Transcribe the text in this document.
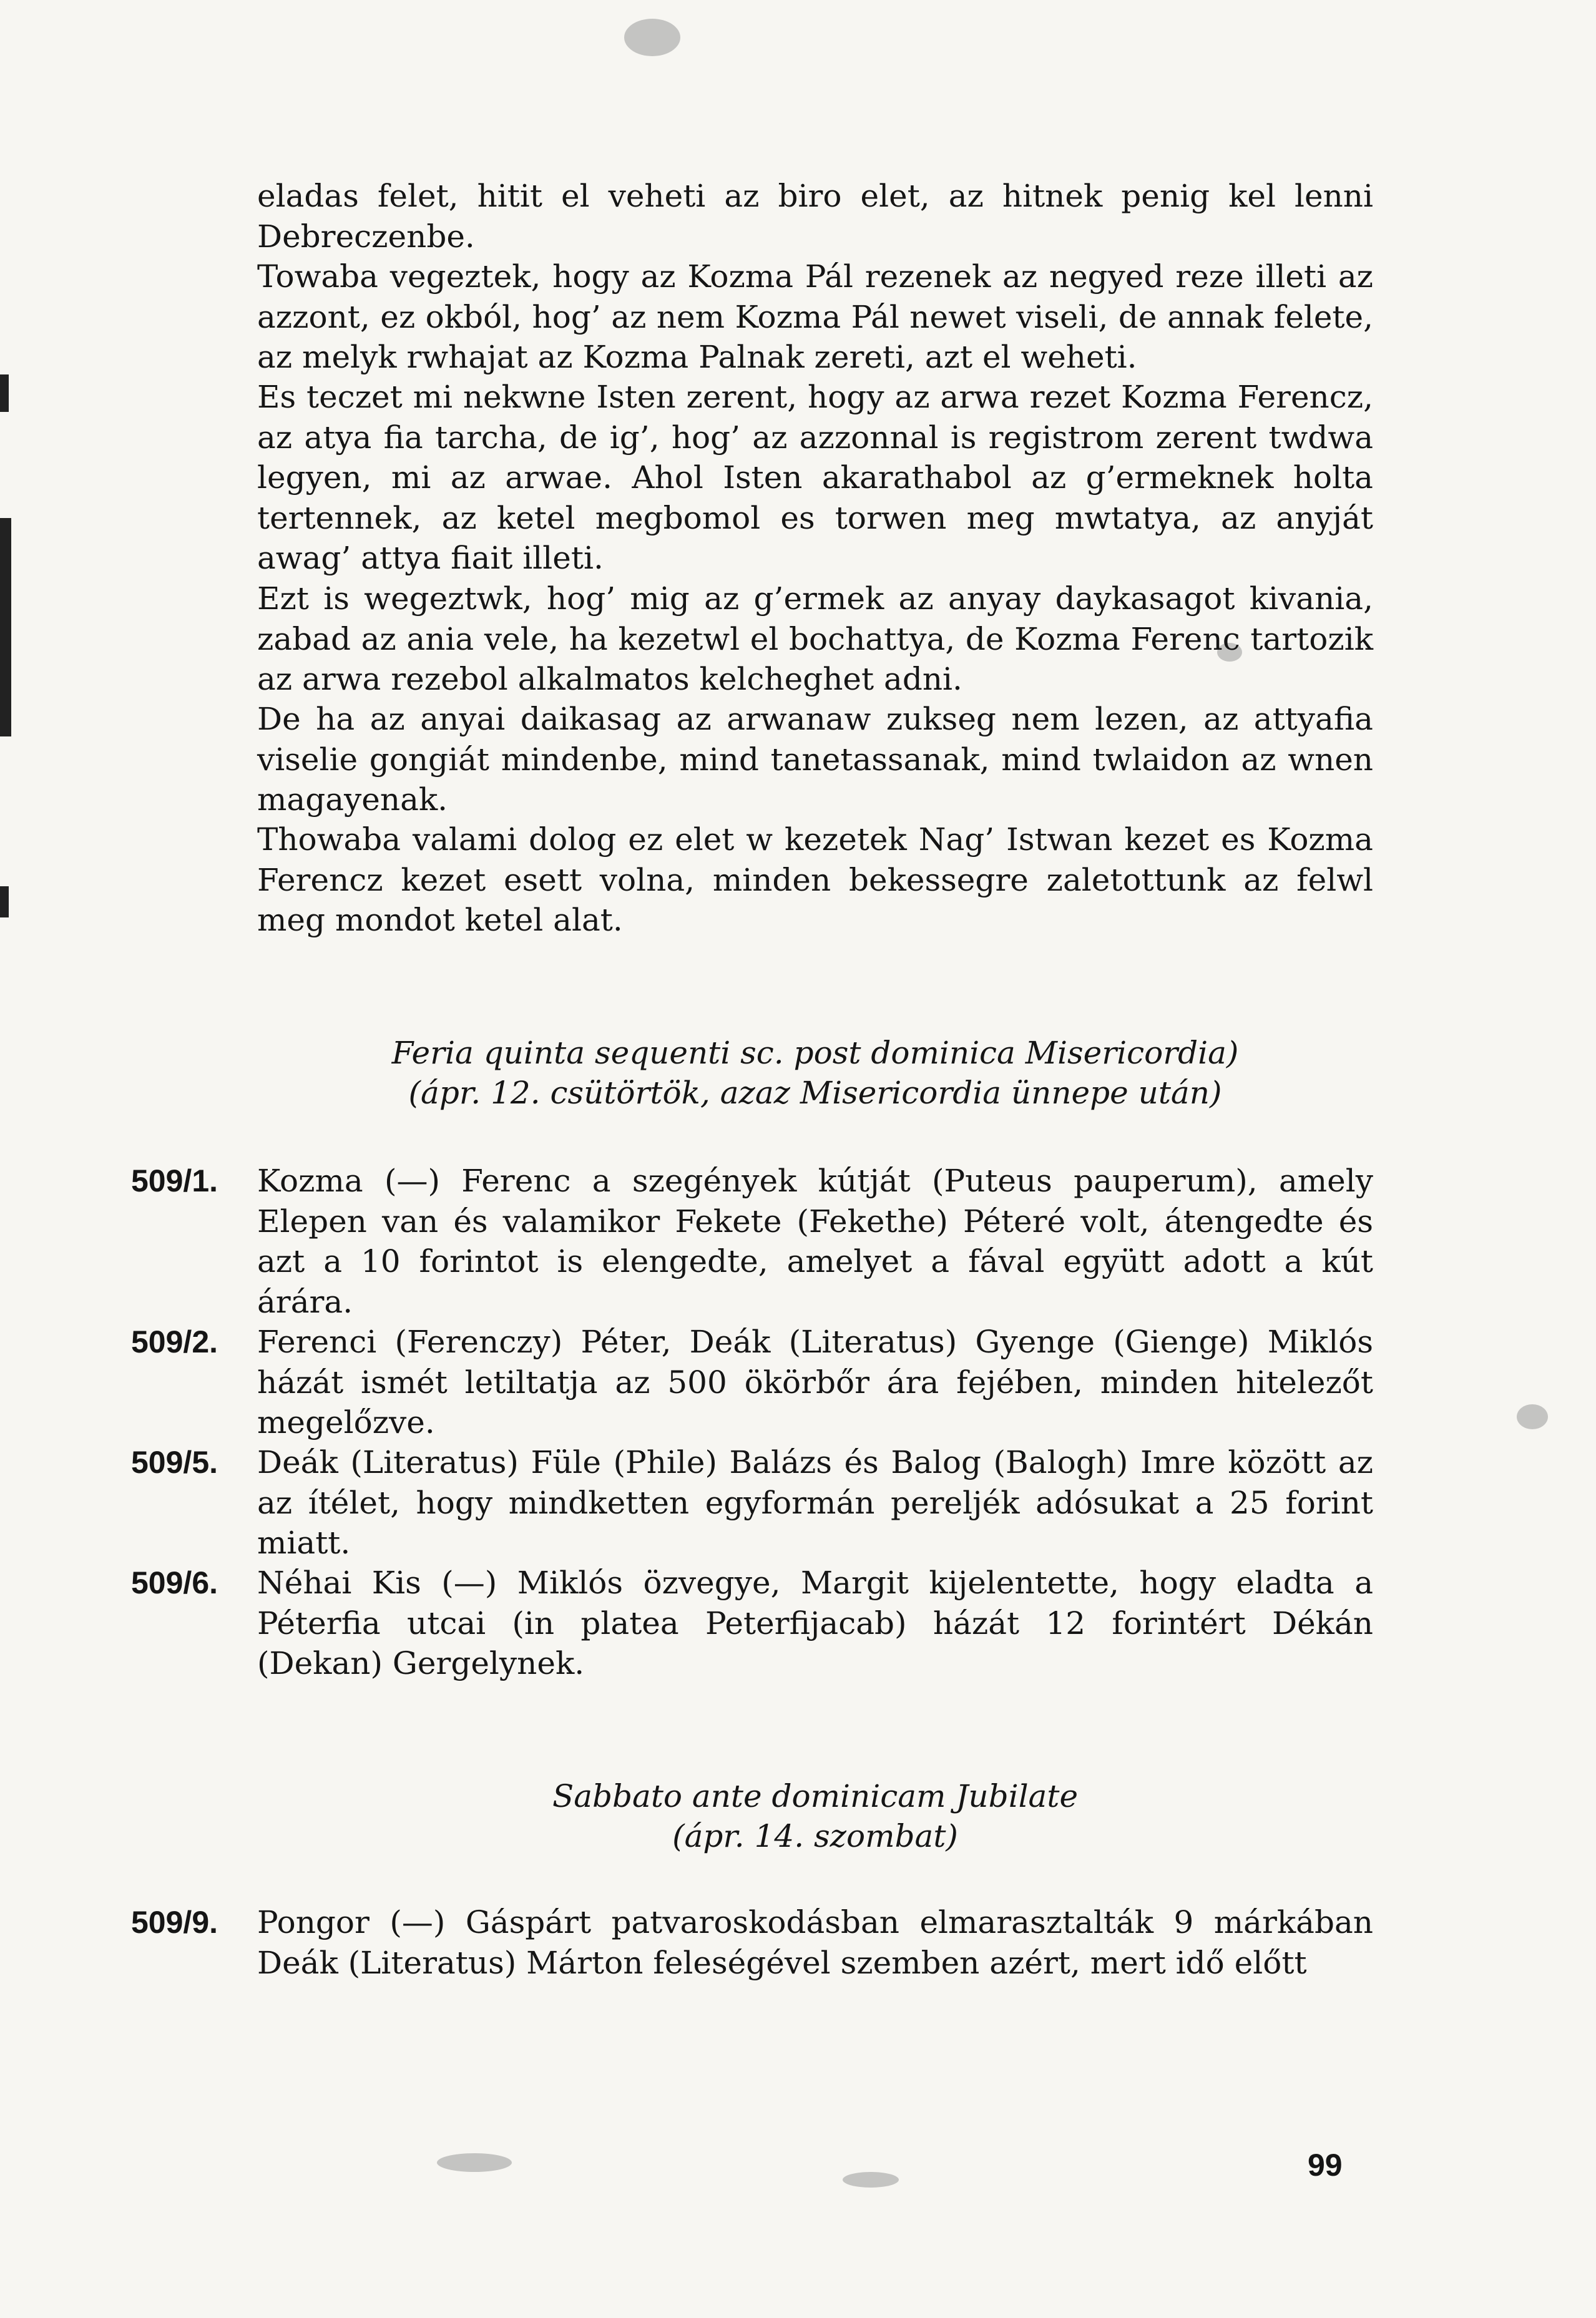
eladas felet, hitit el veheti az biro elet, az hitnek penig kel lenni Debreczenbe.

Towaba vegeztek, hogy az Kozma Pál rezenek az negyed reze illeti az azzont, ez okból, hog’ az nem Kozma Pál newet viseli, de annak felete, az melyk rwhajat az Kozma Palnak zereti, azt el weheti.

Es teczet mi nekwne Isten zerent, hogy az arwa rezet Kozma Ferencz, az atya fia tarcha, de ig’, hog’ az azzonnal is registrom zerent twdwa legyen, mi az arwae. Ahol Isten akarathabol az g’ermeknek holta tertennek, az ketel megbomol es torwen meg mwtatya, az anyját awag’ attya fiait illeti.

Ezt is wegeztwk, hog’ mig az g’ermek az anyay daykasagot kivania, zabad az ania vele, ha kezetwl el bochattya, de Kozma Ferenc tartozik az arwa rezebol alkalmatos kelcheghet adni.

De ha az anyai daikasag az arwanaw zukseg nem lezen, az attyafia viselie gongiát mindenbe, mind tanetassanak, mind twlaidon az wnen magayenak.

Thowaba valami dolog ez elet w kezetek Nag’ Istwan kezet es Kozma Ferencz kezet esett volna, minden bekessegre zaletottunk az felwl meg mondot ketel alat.

Feria quinta sequenti sc. post dominica Misericordia)
(ápr. 12. csütörtök, azaz Misericordia ünnepe után)
509/1. Kozma (—) Ferenc a szegények kútját (Puteus pauperum), amely Elepen van és valamikor Fekete (Fekethe) Péteré volt, átengedte és azt a 10 forintot is elengedte, amelyet a fával együtt adott a kút árára.

509/2. Ferenci (Ferenczy) Péter, Deák (Literatus) Gyenge (Gienge) Miklós házát ismét letiltatja az 500 ökörbőr ára fejében, minden hitelezőt megelőzve.

509/5. Deák (Literatus) Füle (Phile) Balázs és Balog (Balogh) Imre között az az ítélet, hogy mindketten egyformán pereljék adósukat a 25 forint miatt.

509/6. Néhai Kis (—) Miklós özvegye, Margit kijelentette, hogy eladta a Péterfia utcai (in platea Peterfijacab) házát 12 forintért Dékán (Dekan) Gergelynek.

Sabbato ante dominicam Jubilate
(ápr. 14. szombat)
509/9. Pongor (—) Gáspárt patvaroskodásban elmarasztalták 9 márkában Deák (Literatus) Márton feleségével szemben azért, mert idő előtt

99
